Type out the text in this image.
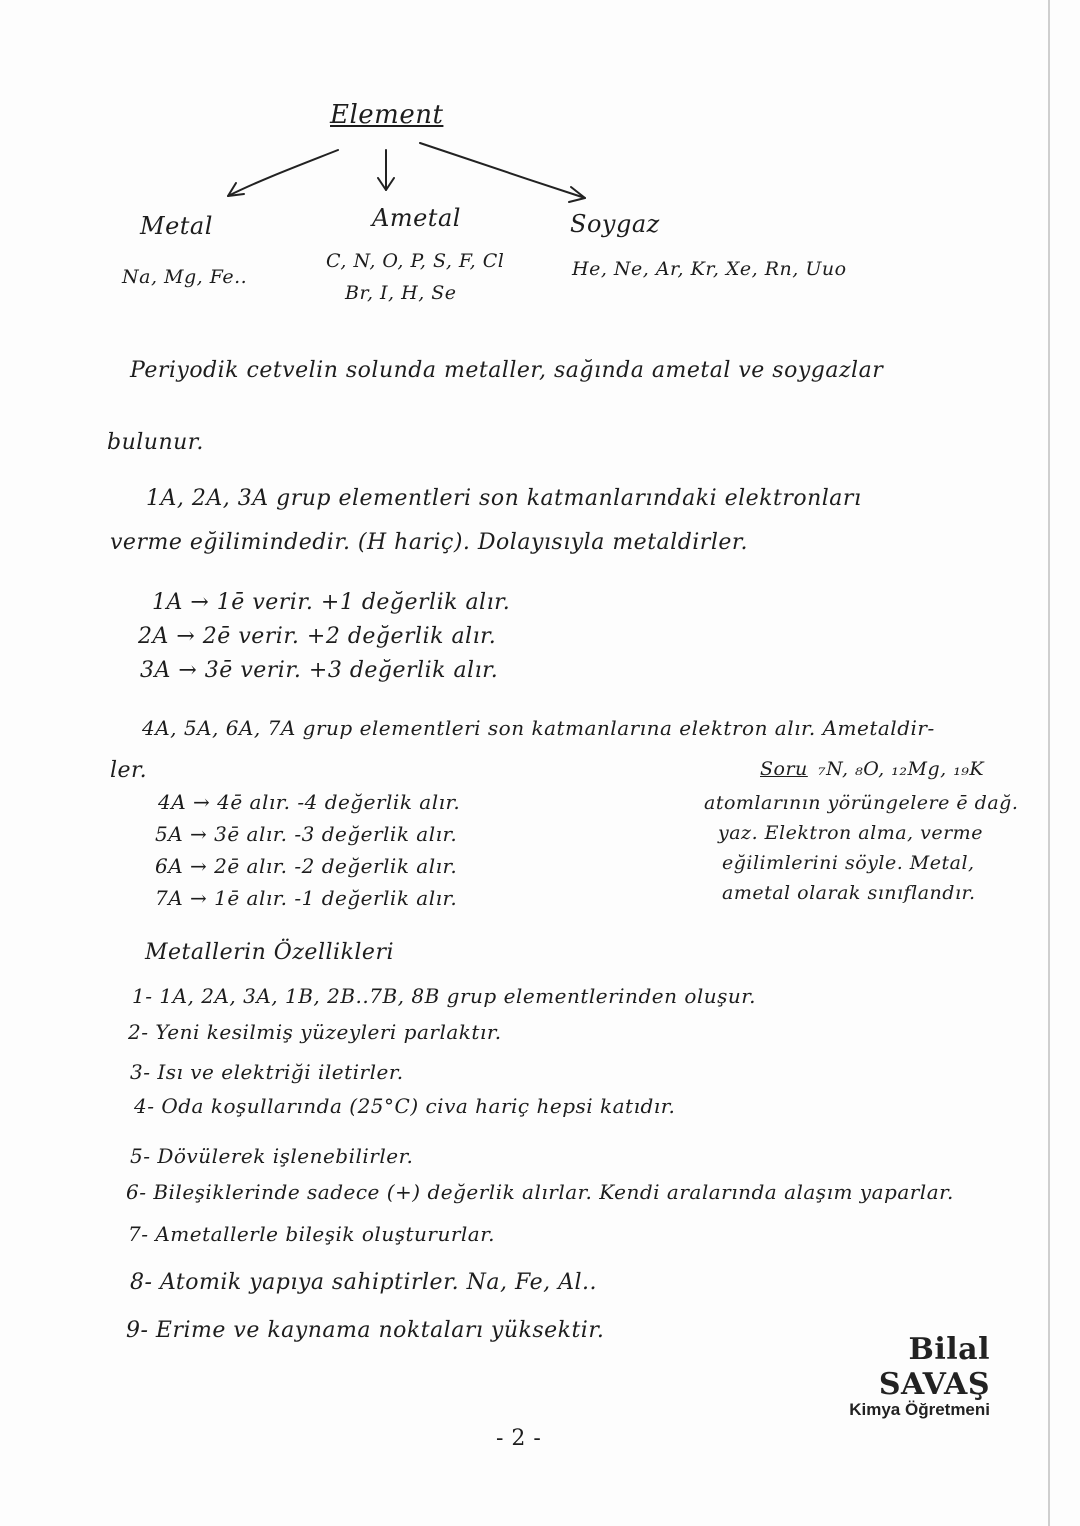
Element
Metal
Na, Mg, Fe..
Ametal
C, N, O, P, S, F, Cl
Br, I, H, Se
Soygaz
He, Ne, Ar, Kr, Xe, Rn, Uuo
Periyodik cetvelin solunda metaller, sağında ametal ve soygazlar
bulunur.
1A, 2A, 3A grup elementleri son katmanlarındaki elektronları
verme eğilimindedir. (H hariç). Dolayısıyla metaldirler.
1A → 1ē verir. +1 değerlik alır.
2A → 2ē verir. +2 değerlik alır.
3A → 3ē verir. +3 değerlik alır.
4A, 5A, 6A, 7A grup elementleri son katmanlarına elektron alır. Ametaldir-
ler.
4A → 4ē alır. -4 değerlik alır.
5A → 3ē alır. -3 değerlik alır.
6A → 2ē alır. -2 değerlik alır.
7A → 1ē alır. -1 değerlik alır.
Soru ₇N, ₈O, ₁₂Mg, ₁₉K
atomlarının yörüngelere ē dağ.
yaz. Elektron alma, verme
eğilimlerini söyle. Metal,
ametal olarak sınıflandır.
Metallerin Özellikleri
1- 1A, 2A, 3A, 1B, 2B..7B, 8B grup elementlerinden oluşur.
2- Yeni kesilmiş yüzeyleri parlaktır.
3- Isı ve elektriği iletirler.
4- Oda koşullarında (25°C) civa hariç hepsi katıdır.
5- Dövülerek işlenebilirler.
6- Bileşiklerinde sadece (+) değerlik alırlar. Kendi aralarında alaşım yaparlar.
7- Ametallerle bileşik oluştururlar.
8- Atomik yapıya sahiptirler. Na, Fe, Al..
9- Erime ve kaynama noktaları yüksektir.
Bilal SAVAŞ
Kimya Öğretmeni
- 2 -
